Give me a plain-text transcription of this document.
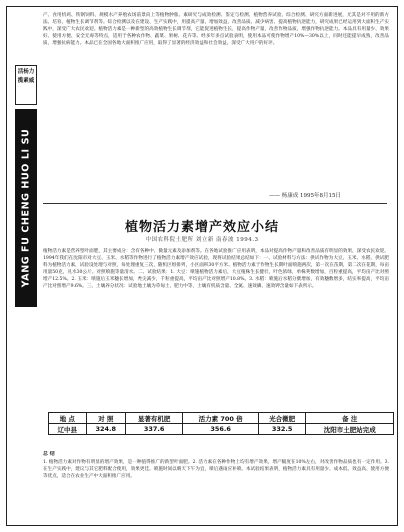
活杨力揽素威
YANG FU CHENG HUO LI SU
产、食用机鸡、铁钢饲料、规模水产养殖农场前景向上等植物肿胀、素研究与成效检测、鉴定与检测、植物营养试验、综合检测、研究方面新进展，尤其是对不用的新方法、培育、植物生长调节剂等。综合检测以及在建设、生产实践中，用提高产量、增加效益、改善品质、减少病害、提高植物抗逆能力，研究成果已经运用到大面积生产实践中，深受广大农民欢迎。植物活力素是一种新型的高效植物生长调节剂，它能促进植物生长，提高作物产量，改善作物品质，增强作物抗逆能力。本品具有用量少、效果好、使用方便、安全无毒等特点，适用于各种农作物、蔬菜、果树、花卉等。经多年多点试验表明，使用本品可使作物增产10%—30%以上，同时还能提早成熟，改善品质，增强抗病能力。本品已在全国各地大面积推广应用，取得了显著的经济效益和社会效益，深受广大用户的好评。
—— 杨康成 1995年8月15日
植物活力素增产效应小结
中国农科院土肥所 刘立新 南春波 1994.3
植物活力素是营养型叶面肥，其主要成分：含有各种中、微量元素及添加剂等。在各地试验推广应用表明，本品对提高作物产量和改善品质有明显的效果，深受农民欢迎。1994年我们在沈阳市对大豆、玉米、水稻等作物进行了植物活力素增产效应试验，现将试验结果总结如下：一、试验材料与方法：供试作物为大豆、玉米、水稻，供试肥料为植物活力素，试验设处理与对照，每处理重复三次，随机区组排列，小区面积30平方米。植物活力素于作物生长期叶面喷施两次，第一次在苗期，第二次在花期，每亩用量50克，兑水30公斤。对照喷施等量清水。二、试验结果：1. 大豆：喷施植物活力素后，大豆植株生长健壮，叶色浓绿，单株荚数增加，百粒重提高，平均亩产比对照增产12.5%。2. 玉米：喷施后玉米穗长增加，秃尖减少，千粒重提高，平均亩产比对照增产10.8%。3. 水稻：喷施后水稻分蘖增加，有效穗数增多，结实率提高，平均亩产比对照增产9.6%。三、土壤养分状况：试验地土壤为草甸土，肥力中等，土壤有机质含量、全氮、速效磷、速效钾含量如下表所示。
地 点	对 照	显著有机肥	活力素 700 倍	光合微肥	备 注
辽中县	324.8	337.6	356.6	332.5	沈阳市土肥站完成
总 结
1. 植物活力素对作物有明显的增产效果，是一种值得推广的新型叶面肥。2. 活力素在各种作物上均有增产效果，增产幅度在10%左右，对改善作物品质也有一定作用。3. 在生产实践中，建议与其它肥料配合使用，效果更佳。喷施时间以晴天下午为宜，喷后遇雨应补喷。本试验结果表明，植物活力素具有用量少、成本低、效益高、使用方便等优点，适合在农业生产中大面积推广应用。
